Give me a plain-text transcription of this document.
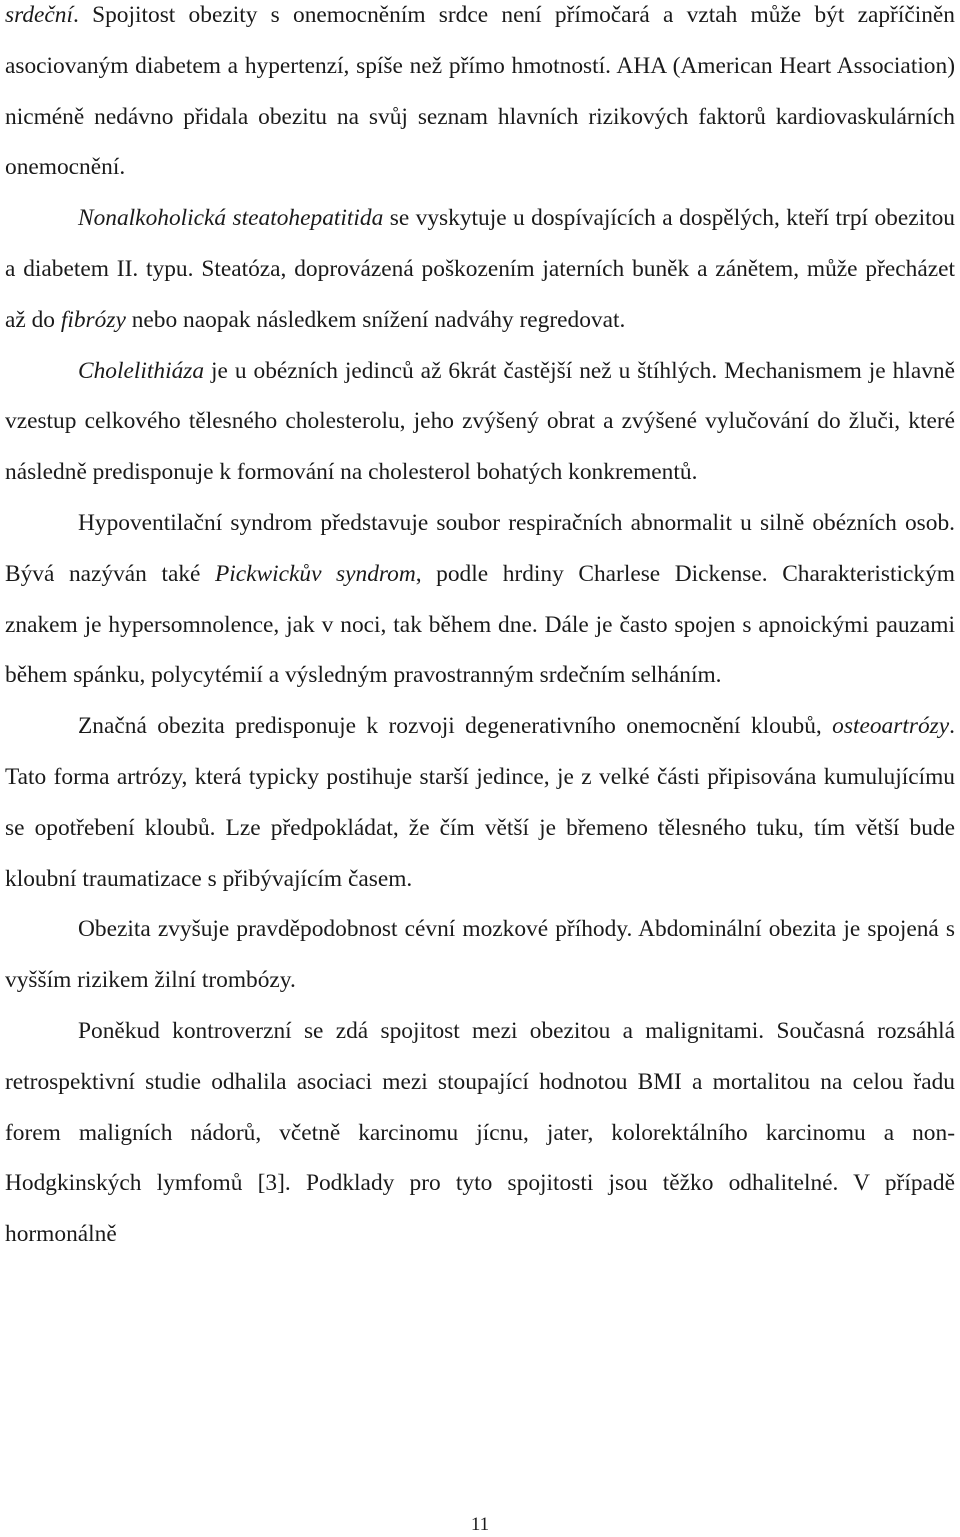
srdeční. Spojitost obezity s onemocněním srdce není přímočará a vztah může být zapříčiněn asociovaným diabetem a hypertenzí, spíše než přímo hmotností. AHA (American Heart Association) nicméně nedávno přidala obezitu na svůj seznam hlavních rizikových faktorů kardiovaskulárních onemocnění.

Nonalkoholická steatohepatitida se vyskytuje u dospívajících a dospělých, kteří trpí obezitou a diabetem II. typu. Steatóza, doprovázená poškozením jaterních buněk a zánětem, může přecházet až do fibrózy nebo naopak následkem snížení nadváhy regredovat.

Cholelithiáza je u obézních jedinců až 6krát častější než u štíhlých. Mechanismem je hlavně vzestup celkového tělesného cholesterolu, jeho zvýšený obrat a zvýšené vylučování do žluči, které následně predisponuje k formování na cholesterol bohatých konkrementů.

Hypoventilační syndrom představuje soubor respiračních abnormalit u silně obézních osob. Bývá nazýván také Pickwickův syndrom, podle hrdiny Charlese Dickense. Charakteristickým znakem je hypersomnolence, jak v noci, tak během dne. Dále je často spojen s apnoickými pauzami během spánku, polycytémií a výsledným pravostranným srdečním selháním.

Značná obezita predisponuje k rozvoji degenerativního onemocnění kloubů, osteoartrózy. Tato forma artrózy, která typicky postihuje starší jedince, je z velké části připisována kumulujícímu se opotřebení kloubů. Lze předpokládat, že čím větší je břemeno tělesného tuku, tím větší bude kloubní traumatizace s přibývajícím časem.

Obezita zvyšuje pravděpodobnost cévní mozkové příhody. Abdominální obezita je spojená s vyšším rizikem žilní trombózy.

Poněkud kontroverzní se zdá spojitost mezi obezitou a malignitami. Současná rozsáhlá retrospektivní studie odhalila asociaci mezi stoupající hodnotou BMI a mortalitou na celou řadu forem maligních nádorů, včetně karcinomu jícnu, jater, kolorektálního karcinomu a non-Hodgkinských lymfomů [3]. Podklady pro tyto spojitosti jsou těžko odhalitelné. V případě hormonálně

11
